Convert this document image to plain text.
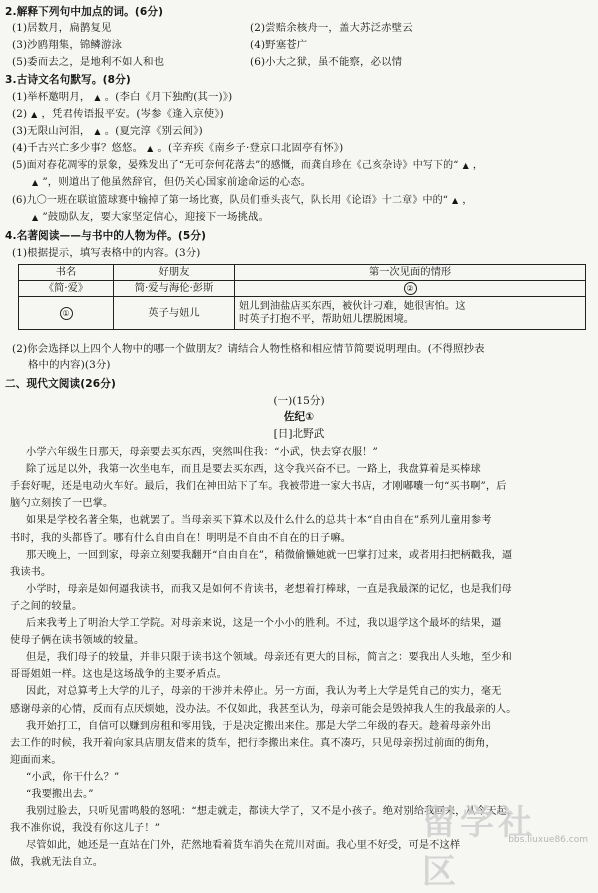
2.解释下列句中加点的词。(6分)
(1)居数月，扁鹊复见	(2)尝赔余核舟一，盖大苏泛赤壁云
(3)沙鸥翔集，锦鳞游泳	(4)野塞苍广
(5)委而去之，是地利不如人和也	(6)小大之狱，虽不能察，必以情
3.古诗文名句默写。(8分)
(1)举杯邀明月， ▲ 。(李白《月下独酌(其一)》)
(2) ▲ ，凭君传语报平安。(岑参《逢入京使》)
(3)无限山河泪， ▲ 。(夏完淳《别云间》)
(4)千古兴亡多少事？悠悠。 ▲ 。(辛弃疾《南乡子·登京口北固亭有怀》)
(5)面对春花凋零的景象，晏殊发出了“无可奈何花落去”的感慨，而龚自珍在《己亥杂诗》中写下的“ ▲ ，
▲ ”，则道出了他虽然辞官，但仍关心国家前途命运的心态。
(6)九〇一班在联谊篮球赛中输掉了第一场比赛，队员们垂头丧气，队长用《论语》十二章》中的“ ▲ ，
▲ ”鼓励队友，要大家坚定信心，迎接下一场挑战。
4.名著阅读——与书中的人物为伴。(5分)
(1)根据提示，填写表格中的内容。(3分)
书名	好朋友	第一次见面的情形
《简·爱》	简·爱与海伦·彭斯	②
①	英子与妞儿	妞儿到油盐店买东西，被伙计刁难，她很害怕。这
时英子打抱不平，帮助妞儿摆脱困境。
(2)你会选择以上四个人物中的哪一个做朋友？请结合人物性格和相应情节简要说明理由。(不得照抄表
格中的内容)(3分)
二、现代文阅读(26分)
(一)(15分)
佐纪①
[日]北野武
小学六年级生日那天，母亲要去买东西，突然叫住我：“小武，快去穿衣服！”
除了远足以外，我第一次坐电车，而且是要去买东西，这令我兴奋不已。一路上，我盘算着是买棒球
手套好呢，还是电动火车好。最后，我们在神田站下了车。我被带进一家大书店，才刚嘟囔一句“买书啊”，后
脑勺立刻挨了一巴掌。
如果是学校名著全集，也就罢了。当母亲买下算术以及什么什么的总共十本“自由自在”系列儿童用参考
书时，我的头都昏了。哪有什么自由自在！明明是不自由不自在的日子嘛。
那天晚上，一回到家，母亲立刻要我翻开“自由自在”，稍微偷懒她就一巴掌打过来，或者用扫把柄戳我，逼
我读书。
小学时，母亲是如何逼我读书，而我又是如何不肯读书，老想着打棒球，一直是我最深的记忆，也是我们母
子之间的较量。
后来我考上了明治大学工学院。对母亲来说，这是一个小小的胜利。不过，我以退学这个最坏的结果，逼
使母子俩在读书领域的较量。
但是，我们母子的较量，并非只限于读书这个领域。母亲还有更大的目标，简言之：要我出人头地，至少和
哥哥姐姐一样。这也是这场战争的主要矛盾点。
因此，对总算考上大学的儿子，母亲的干涉并未停止。另一方面，我认为考上大学是凭自己的实力，毫无
感谢母亲的心情，反而有点厌烦她，没办法。不仅如此，我甚至认为，母亲可能会是毁掉我人生的我最亲的人。
我开始打工，自信可以赚到房租和零用钱，于是决定搬出来住。那是大学二年级的春天。趁着母亲外出
去工作的时候，我开着向家具店朋友借来的货车，把行李搬出来住。真不凑巧，只见母亲拐过前面的街角，
迎面而来。
“小武，你干什么？”
“我要搬出去。”
我别过脸去，只听见雷鸣般的怒吼：“想走就走，都读大学了，又不是小孩子。绝对别给我回来，从今天起，
我不准你说，我没有你这儿子！”
尽管如此，她还是一直站在门外，茫然地看着货车消失在荒川对面。我心里不好受，可是不这样
做，我就无法自立。
留学社区
bbs.liuxue86.com
